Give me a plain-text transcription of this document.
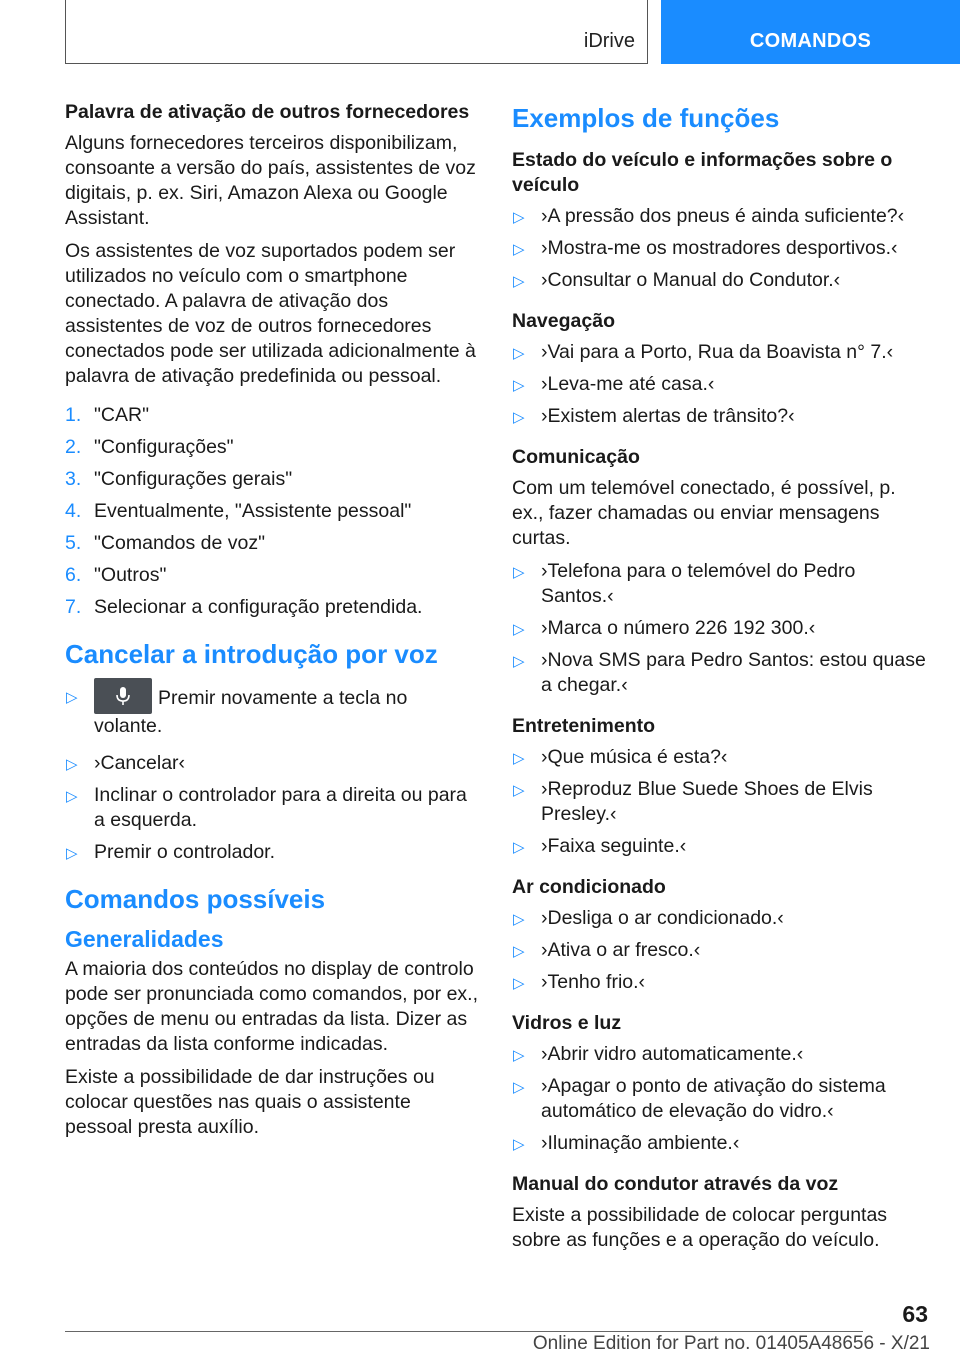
iDrive	COMANDOS
Palavra de ativação de outros fornecedores

Alguns fornecedores terceiros disponibilizam, consoante a versão do país, assistentes de voz digitais, p. ex. Siri, Amazon Alexa ou Google Assistant.

Os assistentes de voz suportados podem ser utilizados no veículo com o smartphone conectado. A palavra de ativação dos assistentes de voz de outros fornecedores conectados pode ser utilizada adicionalmente à palavra de ativação predefinida ou pessoal.

1. "CAR"
2. "Configurações"
3. "Configurações gerais"
4. Eventualmente, "Assistente pessoal"
5. "Comandos de voz"
6. "Outros"
7. Selecionar a configuração pretendida.
Cancelar a introdução por voz
▷	Premir novamente a tecla no volante.
▷ ›Cancelar‹
▷ Inclinar o controlador para a direita ou para a esquerda.
▷ Premir o controlador.
Comandos possíveis
Generalidades

A maioria dos conteúdos no display de controlo pode ser pronunciada como comandos, por ex., opções de menu ou entradas da lista. Dizer as entradas da lista conforme indicadas.

Existe a possibilidade de dar instruções ou colocar questões nas quais o assistente pessoal presta auxílio.

Exemplos de funções
Estado do veículo e informações sobre o veículo
▷ ›A pressão dos pneus é ainda suficiente?‹
▷ ›Mostra-me os mostradores desportivos.‹
▷ ›Consultar o Manual do Condutor.‹
Navegação
▷ ›Vai para a Porto, Rua da Boavista n° 7.‹
▷ ›Leva-me até casa.‹
▷ ›Existem alertas de trânsito?‹
Comunicação

Com um telemóvel conectado, é possível, p. ex., fazer chamadas ou enviar mensagens curtas.

▷ ›Telefona para o telemóvel do Pedro Santos.‹
▷ ›Marca o número 226 192 300.‹
▷ ›Nova SMS para Pedro Santos: estou quase a chegar.‹
Entretenimento
▷ ›Que música é esta?‹
▷ ›Reproduz Blue Suede Shoes de Elvis Presley.‹
▷ ›Faixa seguinte.‹
Ar condicionado
▷ ›Desliga o ar condicionado.‹
▷ ›Ativa o ar fresco.‹
▷ ›Tenho frio.‹
Vidros e luz
▷ ›Abrir vidro automaticamente.‹
▷ ›Apagar o ponto de ativação do sistema automático de elevação do vidro.‹
▷ ›Iluminação ambiente.‹
Manual do condutor através da voz

Existe a possibilidade de colocar perguntas sobre as funções e a operação do veículo.

63
Online Edition for Part no. 01405A48656 - X/21
